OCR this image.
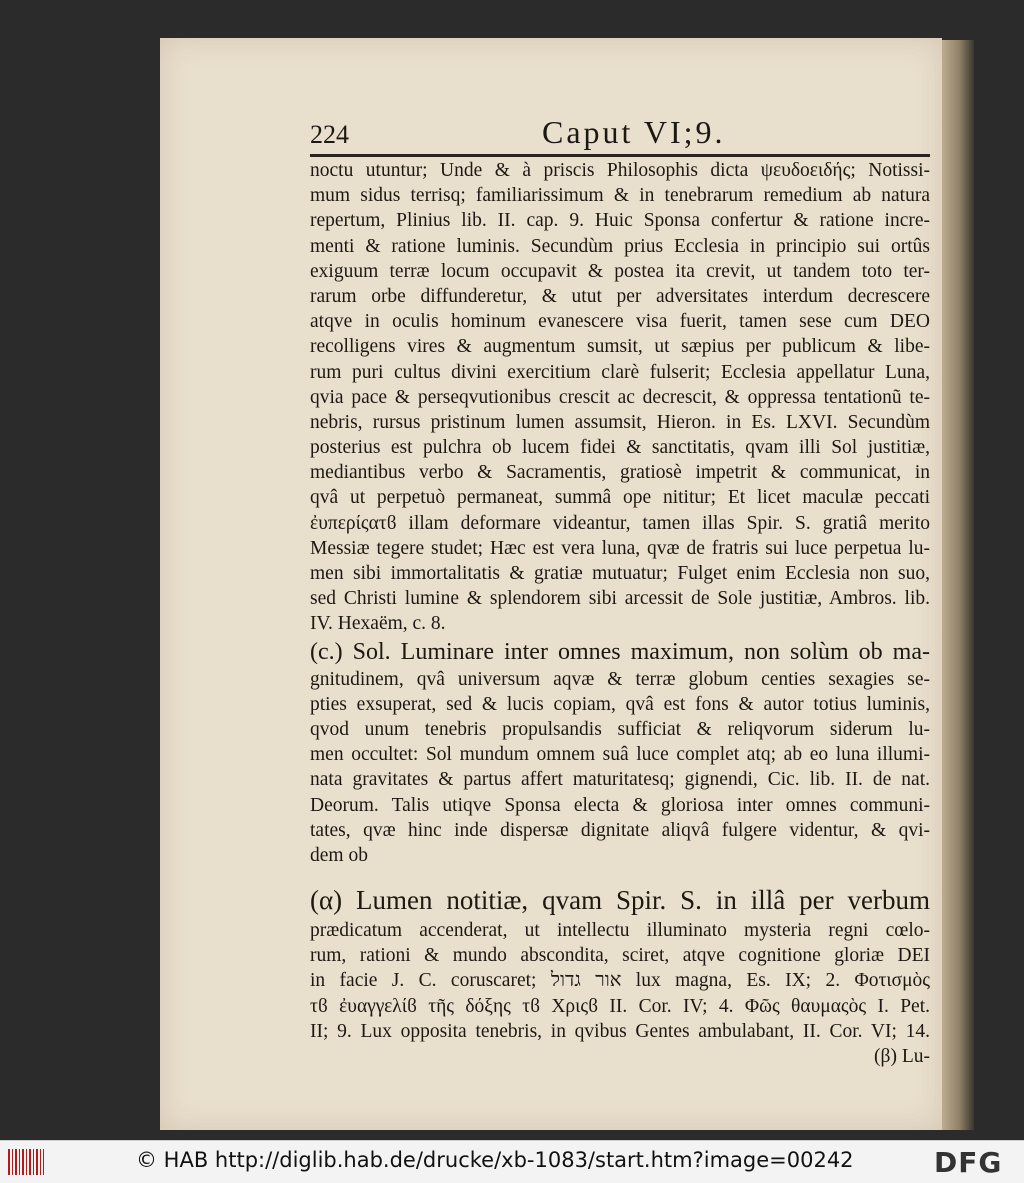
224	Caput VI;9.
noctu utuntur; Unde & à priscis Philosophis dicta ψευδοειδής; Notissi-
mum sidus terrisq; familiarissimum & in tenebrarum remedium ab natura
repertum, Plinius lib. II. cap. 9. Huic Sponsa confertur & ratione incre-
menti & ratione luminis. Secundùm prius Ecclesia in principio sui ortûs
exiguum terræ locum occupavit & postea ita crevit, ut tandem toto ter-
rarum orbe diffunderetur, & utut per adversitates interdum decrescere
atqve in oculis hominum evanescere visa fuerit, tamen sese cum DEO
recolligens vires & augmentum sumsit, ut sæpius per publicum & libe-
rum puri cultus divini exercitium clarè fulserit; Ecclesia appellatur Luna,
qvia pace & perseqvutionibus crescit ac decrescit, & oppressa tentationũ te-
nebris, rursus pristinum lumen assumsit, Hieron. in Es. LXVI. Secundùm
posterius est pulchra ob lucem fidei & sanctitatis, qvam illi Sol justitiæ,
mediantibus verbo & Sacramentis, gratiosè impetrit & communicat, in
qvâ ut perpetuò permaneat, summâ ope nititur; Et licet maculæ peccati
ἐυπερίςατϐ illam deformare videantur, tamen illas Spir. S. gratiâ merito
Messiæ tegere studet; Hæc est vera luna, qvæ de fratris sui luce perpetua lu-
men sibi immortalitatis & gratiæ mutuatur; Fulget enim Ecclesia non suo,
sed Christi lumine & splendorem sibi arcessit de Sole justitiæ, Ambros. lib.
IV. Hexaëm, c. 8.
(c.) Sol. Luminare inter omnes maximum, non solùm ob ma-
gnitudinem, qvâ universum aqvæ & terræ globum centies sexagies se-
pties exsuperat, sed & lucis copiam, qvâ est fons & autor totius luminis,
qvod unum tenebris propulsandis sufficiat & reliqvorum siderum lu-
men occultet: Sol mundum omnem suâ luce complet atq; ab eo luna illumi-
nata gravitates & partus affert maturitatesq; gignendi, Cic. lib. II. de nat.
Deorum. Talis utiqve Sponsa electa & gloriosa inter omnes communi-
tates, qvæ hinc inde dispersæ dignitate aliqvâ fulgere videntur, & qvi-
dem ob
(α) Lumen notitiæ, qvam Spir. S. in illâ per verbum
prædicatum accenderat, ut intellectu illuminato mysteria regni cœlo-
rum, rationi & mundo abscondita, sciret, atqve cognitione gloriæ DEI
in facie J. C. coruscaret; אור גדול lux magna, Es. IX; 2. Φοτισμὸς
τϐ ἐυαγγελίϐ τῆς δόξης τϐ Χριςϐ II. Cor. IV; 4. Φῶς θαυμαςὸς I. Pet.
II; 9. Lux opposita tenebris, in qvibus Gentes ambulabant, II. Cor. VI; 14.
(β) Lu-
© HAB http://diglib.hab.de/drucke/xb-1083/start.htm?image=00242	DFG
